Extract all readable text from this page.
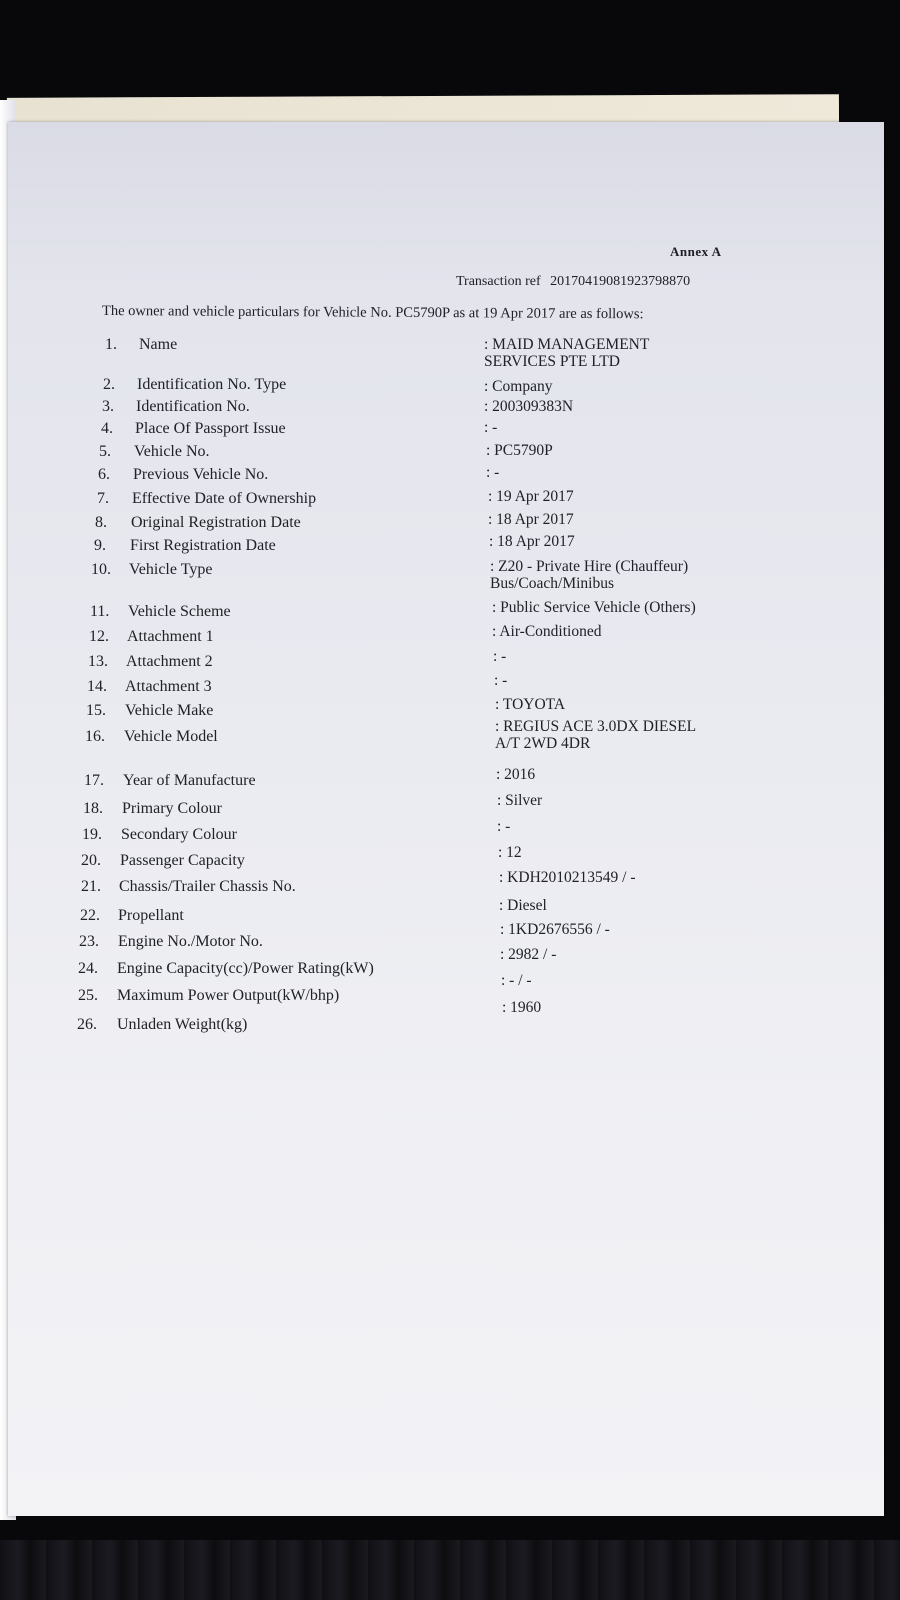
Annex A
Transaction ref 20170419081923798870
The owner and vehicle particulars for Vehicle No. PC5790P as at 19 Apr 2017 are as follows:
1. Name	: MAID MANAGEMENT
SERVICES PTE LTD
2. Identification No. Type	: Company
3. Identification No.	: 200309383N
4. Place Of Passport Issue	: -
5. Vehicle No.	: PC5790P
6. Previous Vehicle No.	: -
7. Effective Date of Ownership	: 19 Apr 2017
8. Original Registration Date	: 18 Apr 2017
9. First Registration Date	: 18 Apr 2017
10. Vehicle Type	: Z20 - Private Hire (Chauffeur)
Bus/Coach/Minibus
11. Vehicle Scheme	: Public Service Vehicle (Others)
12. Attachment 1	: Air-Conditioned
13. Attachment 2	: -
14. Attachment 3	: -
15. Vehicle Make	: TOYOTA
16. Vehicle Model
: REGIUS ACE 3.0DX DIESEL
A/T 2WD 4DR
17. Year of Manufacture	: 2016
18. Primary Colour	: Silver
19. Secondary Colour	: -
20. Passenger Capacity	: 12
21. Chassis/Trailer Chassis No.
: KDH2010213549 / -
22. Propellant
: Diesel
23. Engine No./Motor No.
: 1KD2676556 / -
24. Engine Capacity(cc)/Power Rating(kW)
: 2982 / -
25. Maximum Power Output(kW/bhp)
: - / -
26. Unladen Weight(kg)
: 1960
